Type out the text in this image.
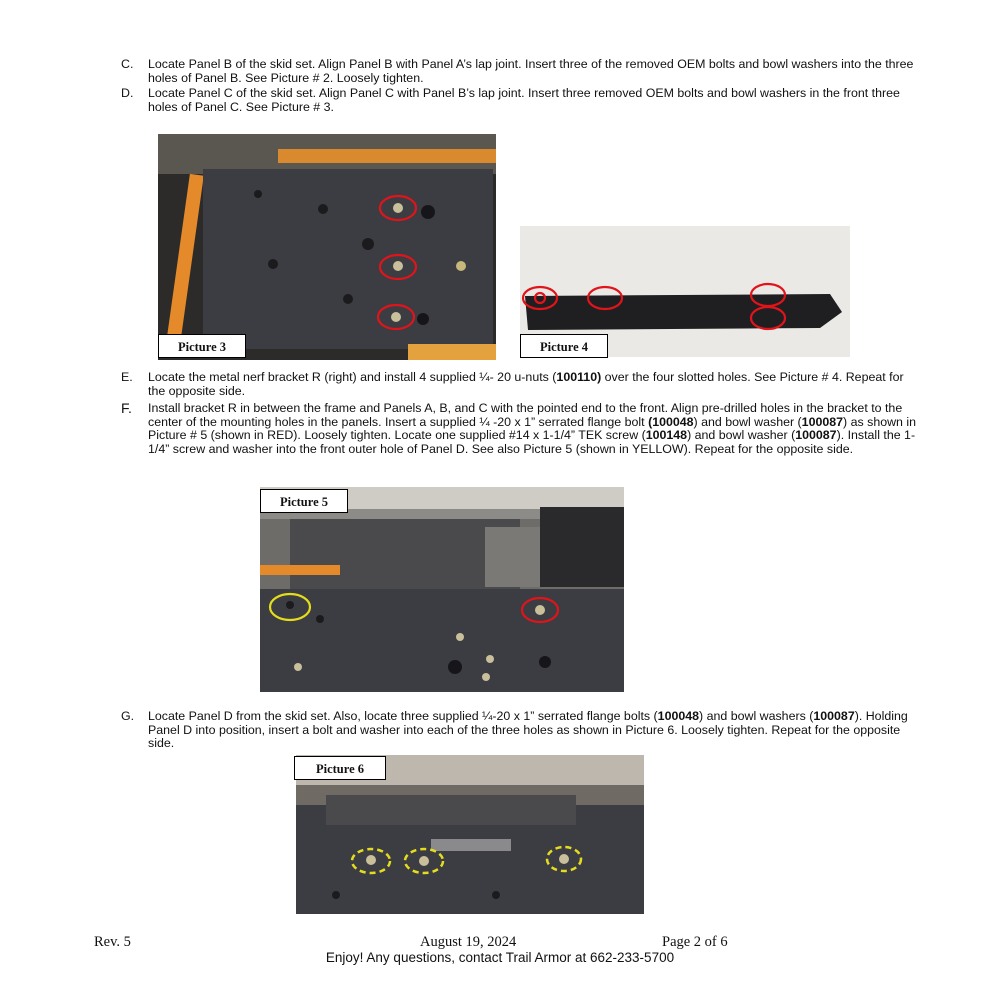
C. Locate Panel B of the skid set. Align Panel B with Panel A’s lap joint. Insert three of the removed OEM bolts and bowl washers into the three holes of Panel B. See Picture # 2. Loosely tighten.
D. Locate Panel C of the skid set. Align Panel C with Panel B’s lap joint. Insert three removed OEM bolts and bowl washers in the front three holes of Panel C. See Picture # 3.
Picture 3	Picture 4
E. Locate the metal nerf bracket R (right) and install 4 supplied ¼- 20 u-nuts (100110) over the four slotted holes. See Picture # 4. Repeat for the opposite side.
F. Install bracket R in between the frame and Panels A, B, and C with the pointed end to the front. Align pre-drilled holes in the bracket to the center of the mounting holes in the panels. Insert a supplied ¼ -20 x 1” serrated flange bolt (100048) and bowl washer (100087) as shown in Picture # 5 (shown in RED). Loosely tighten. Locate one supplied #14 x 1-1/4” TEK screw (100148) and bowl washer (100087). Install the 1-1/4” screw and washer into the front outer hole of Panel D. See also Picture 5 (shown in YELLOW). Repeat for the opposite side.
Picture 5
G. Locate Panel D from the skid set. Also, locate three supplied ¼-20 x 1” serrated flange bolts (100048) and bowl washers (100087). Holding Panel D into position, insert a bolt and washer into each of the three holes as shown in Picture 6. Loosely tighten. Repeat for the opposite side.
Picture 6
Rev. 5	August 19, 2024	Page 2 of 6
Enjoy! Any questions, contact Trail Armor at 662-233-5700
